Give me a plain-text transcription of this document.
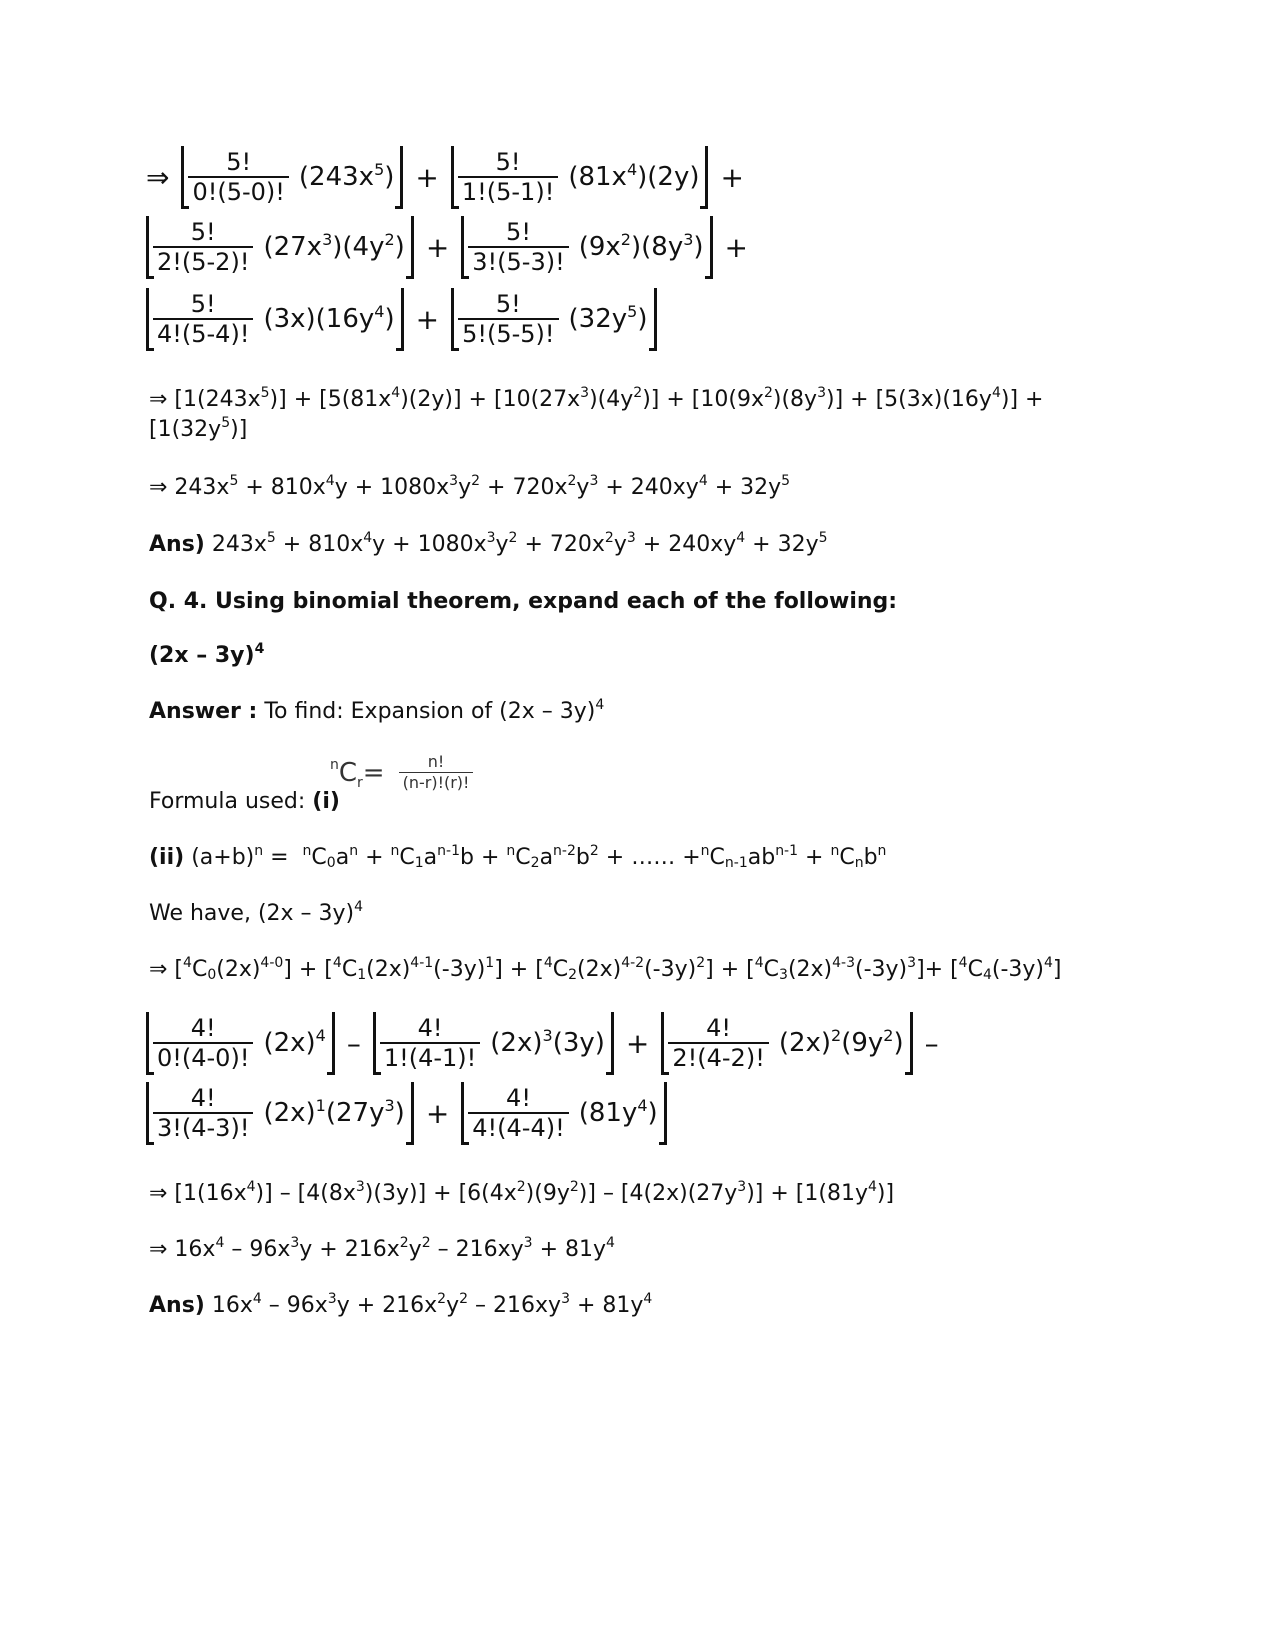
⇒ $\frac{5!}{0!(5-0)!} (243x^5) + \frac{5!}{1!(5-1)!} (81x^4)(2y)$ +
$\frac{5!}{2!(5-2)!} (27x^3)(4y^2) + \frac{5!}{3!(5-3)!} (9x^2)(8y^3)$ +
$\frac{5!}{4!(5-4)!} (3x)(16y^4) + \frac{5!}{5!(5-5)!} (32y^5)$
⇒ $[1(243x^5)] + [5(81x^4)(2y)] + [10(27x^3)(4y^2)] + [10(9x^2)(8y^3)] + [5(3x)(16y^4)]$ +
$[1(32y^5)]$
⇒ $243x^5 + 810x^4y + 1080x^3y^2 + 720x^2y^3 + 240xy^4 + 32y^5$
Ans) $243x^5 + 810x^4y + 1080x^3y^2 + 720x^2y^3 + 240xy^4 + 32y^5$
Q. 4. Using binomial theorem, expand each of the following:
(2x – 3y)$^4$
Answer : To find: Expansion of (2x – 3y)$^4$
Formula used: (i)
$^nC_r= \frac{n!}{(n-r)!(r)!}$
(ii) $(a+b)^n = ^nC_0a^n + ^nC_1a^{n-1}b + ^nC_2a^{n-2}b^2$ + …… $+^nC_{n-1}ab^{n-1} + ^nC_nb^n$
We have, (2x – 3y)$^4$
⇒ $[^4C_0(2x)^{4-0}] + [^4C_1(2x)^{4-1}(-3y)^1] + [^4C_2(2x)^{4-2}(-3y)^2] + [^4C_3(2x)^{4-3}(-3y)^3]+ [^4C_4(-3y)^4]$
$\frac{4!}{0!(4-0)!} (2x)^4 - \frac{4!}{1!(4-1)!} (2x)^3(3y) + \frac{4!}{2!(4-2)!} (2x)^2(9y^2)$ –
$\frac{4!}{3!(4-3)!} (2x)^1(27y^3) + \frac{4!}{4!(4-4)!} (81y^4)$
⇒ $[1(16x^4)] - [4(8x^3)(3y)] + [6(4x^2)(9y^2)] - [4(2x)(27y^3)] + [1(81y^4)]$
⇒ $16x^4 - 96x^3y + 216x^2y^2 - 216xy^3 + 81y^4$
Ans) $16x^4 - 96x^3y + 216x^2y^2 - 216xy^3 + 81y^4$
